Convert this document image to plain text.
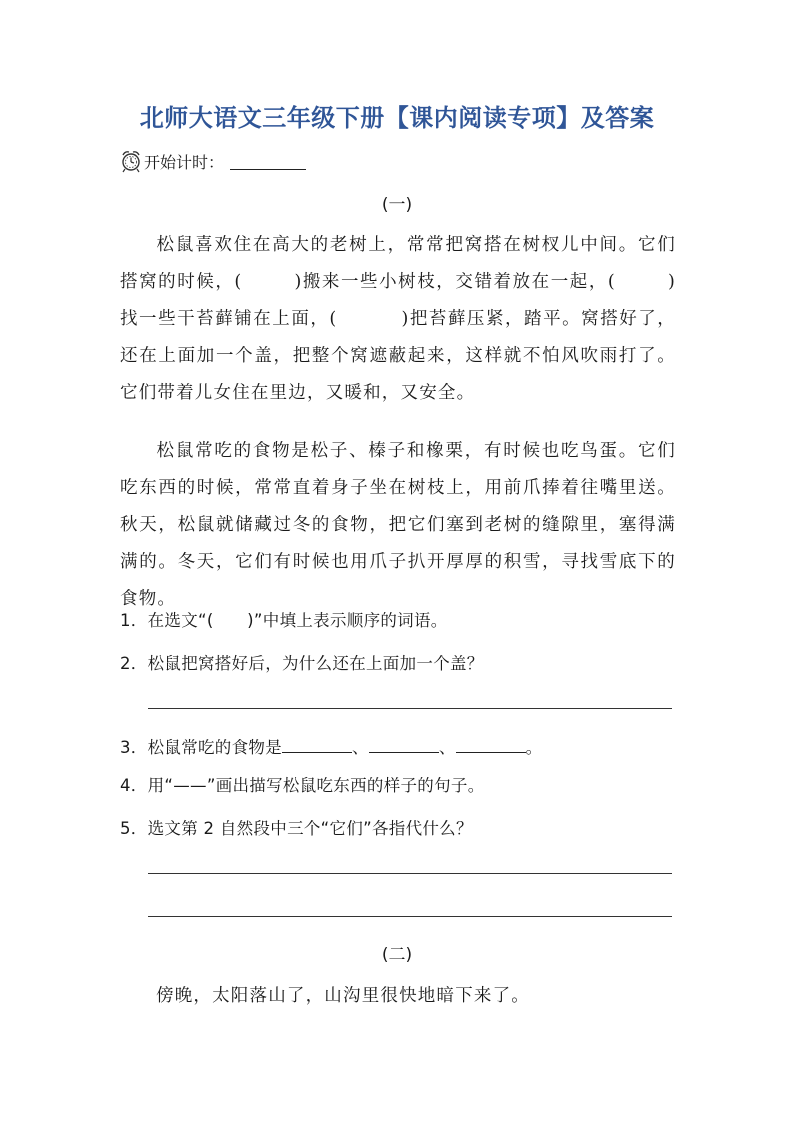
北师大语文三年级下册【课内阅读专项】及答案
开始计时：
(一)
松鼠喜欢住在高大的老树上，常常把窝搭在树杈儿中间。它们搭窝的时候，(	)搬来一些小树枝，交错着放在一起，(	)找一些干苔藓铺在上面，(	)把苔藓压紧，踏平。窝搭好了，还在上面加一个盖，把整个窝遮蔽起来，这样就不怕风吹雨打了。它们带着儿女住在里边，又暖和，又安全。
松鼠常吃的食物是松子、榛子和橡栗，有时候也吃鸟蛋。它们吃东西的时候，常常直着身子坐在树枝上，用前爪捧着往嘴里送。秋天，松鼠就储藏过冬的食物，把它们塞到老树的缝隙里，塞得满满的。冬天，它们有时候也用爪子扒开厚厚的积雪，寻找雪底下的食物。
1．在选文“(　　)”中填上表示顺序的词语。
2．松鼠把窝搭好后，为什么还在上面加一个盖？
3．松鼠常吃的食物是	、	、	。
4．用“——”画出描写松鼠吃东西的样子的句子。
5．选文第 2 自然段中三个“它们”各指代什么？
(二)
傍晚，太阳落山了，山沟里很快地暗下来了。
